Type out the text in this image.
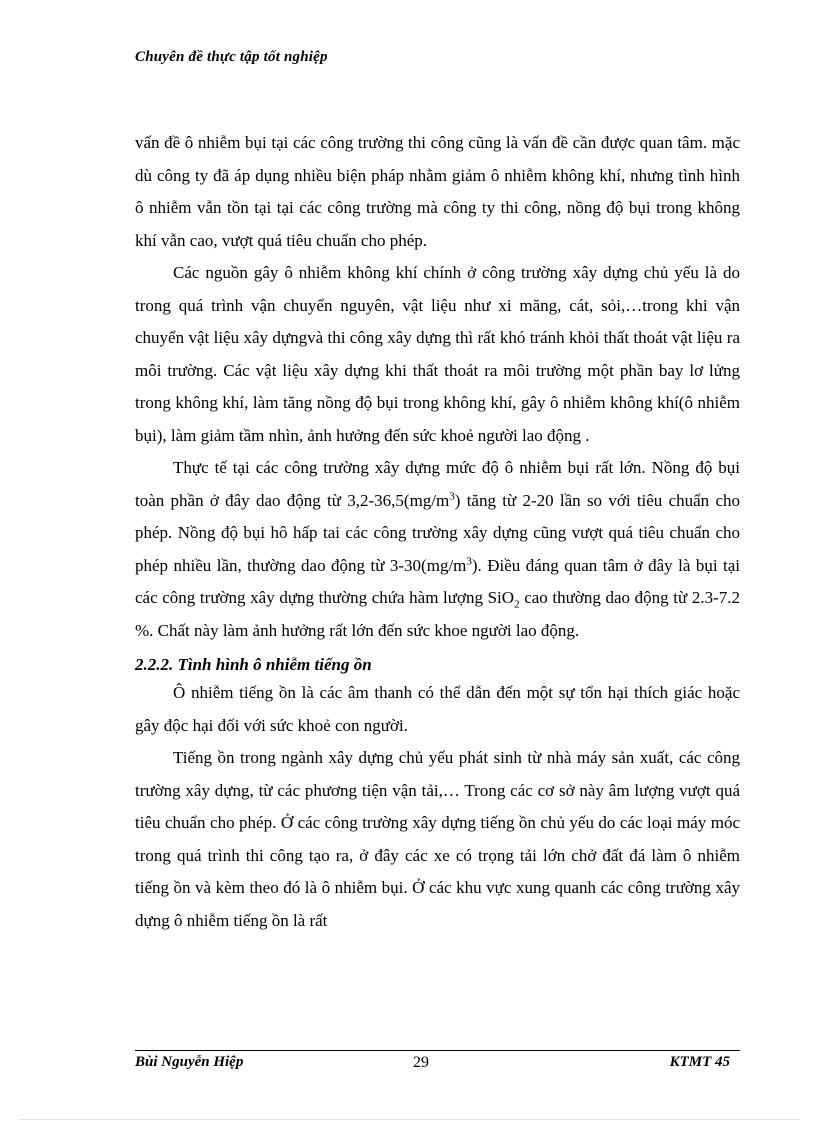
Chuyên đề thực tập tốt nghiệp

vấn đề ô nhiễm bụi tại các công trường thi công cũng là vấn đề cần được quan tâm. mặc dù công ty đã áp dụng nhiều biện pháp nhằm giảm ô nhiễm không khí, nhưng tình hình ô nhiễm vẫn tồn tại tại các công trường mà công ty thi công, nồng độ bụi trong không khí vẫn cao, vượt quá tiêu chuẩn cho phép.

Các nguồn gây ô nhiễm không khí chính ở công trường xây dựng chủ yếu là do trong quá trình vận chuyển nguyên, vật liệu như xi măng, cát, sỏi,…trong khi vận chuyển vật liệu xây dựngvà thi công xây dựng thì rất khó tránh khỏi thất thoát vật liệu ra môi trường. Các vật liệu xây dựng khi thất thoát ra môi trường một phần bay lơ lửng trong không khí, làm tăng nồng độ bụi trong không khí, gây ô nhiễm không khí(ô nhiễm bụi), làm giảm tầm nhìn, ảnh hưởng đến sức khoẻ người lao động .

Thực tế tại các công trường xây dựng mức độ ô nhiễm bụi rất lớn. Nồng độ bụi toàn phần ở đây dao động từ $3,2-36,5(mg/m^3)$ tăng từ 2-20 lần so với tiêu chuẩn cho phép. Nồng độ bụi hô hấp tai các công trường xây dựng cũng vượt quá tiêu chuẩn cho phép nhiều lần, thường dao động từ $3-30(mg/m^3)$. Điều đáng quan tâm ở đây là bụi tại các công trường xây dựng thường chứa hàm lượng SiO$_2$ cao thường dao động từ 2.3-7.2 %. Chất này làm ảnh hưởng rất lớn đến sức khoe người lao động.

2.2.2. Tình hình ô nhiễm tiếng ồn

Ô nhiễm tiếng ồn là các âm thanh có thể dẫn đến một sự tổn hại thích giác hoặc gây độc hại đối với sức khoẻ con người.

Tiếng ồn trong ngành xây dựng chủ yếu phát sinh từ nhà máy sản xuất, các công trường xây dựng, từ các phương tiện vận tải,… Trong các cơ sở này âm lượng vượt quá tiêu chuẩn cho phép. Ở các công trường xây dựng tiếng ồn chủ yếu do các loại máy móc trong quá trình thi công tạo ra, ở đây các xe có trọng tải lớn chở đất đá làm ô nhiễm tiếng ồn và kèm theo đó là ô nhiễm bụi. Ở các khu vực xung quanh các công trường xây dựng ô nhiễm tiếng ồn là rất

Bùi Nguyễn Hiệp	29	KTMT 45
